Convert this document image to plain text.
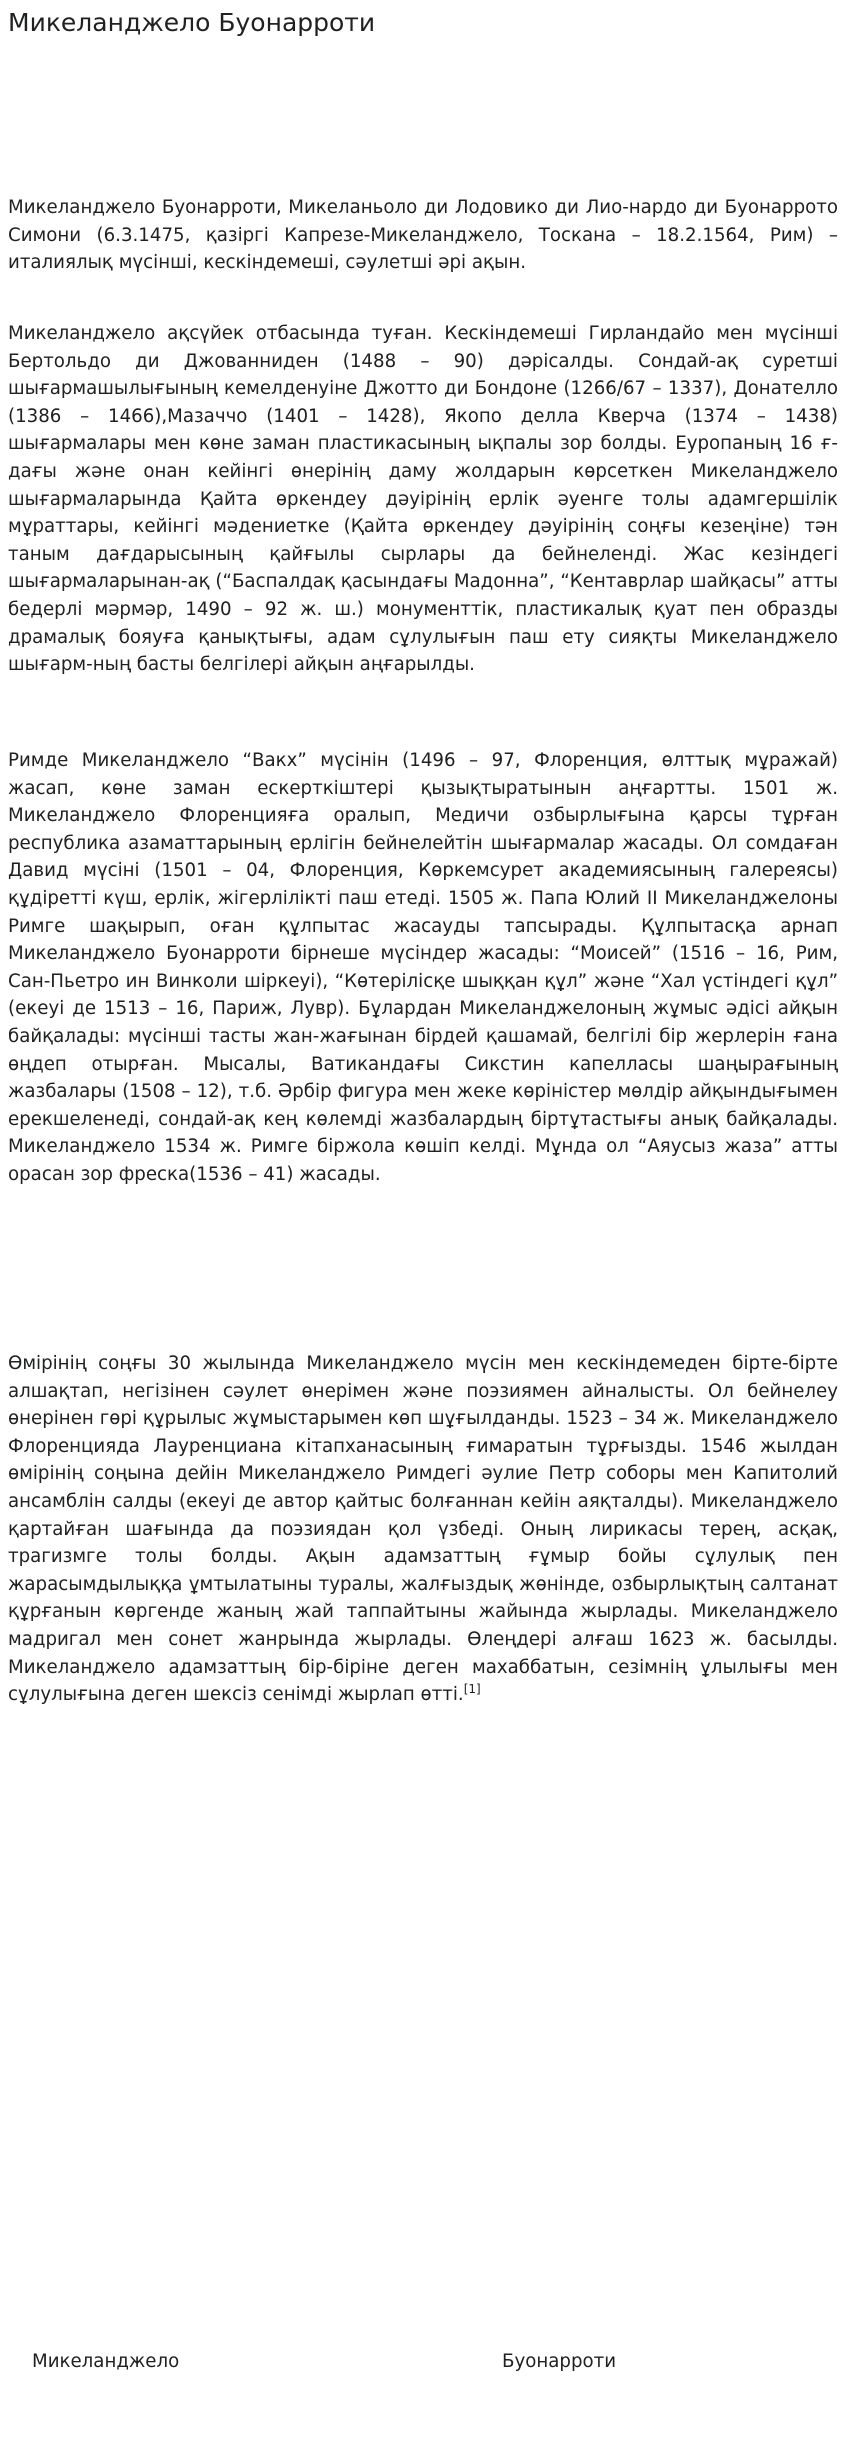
Микеланджело Буонарроти

Микеланджело Буонарроти, Микеланьоло ди Лодовико ди Лио-нардо ди Буонаррото Симони (6.3.1475, қазіргі Капрезе-Микеланджело, Тоскана – 18.2.1564, Рим) – италиялық мүсінші, кескіндемеші, сәулетші әрі ақын.

Микеланджело ақсүйек отбасында туған. Кескіндемеші Гирландайо мен мүсінші Бертольдо ди Джованниден (1488 – 90) дәрісалды. Сондай-ақ суретші шығармашылығының кемелденуіне Джотто ди Бондоне (1266/67 – 1337), Донателло (1386 – 1466),Мазаччо (1401 – 1428), Якопо делла Кверча (1374 – 1438) шығармалары мен көне заман пластикасының ықпалы зор болды. Еуропаның 16 ғ-дағы және онан кейінгі өнерінің даму жолдарын көрсеткен Микеланджело шығармаларында Қайта өркендеу дәуірінің ерлік әуенге толы адамгершілік мұраттары, кейінгі мәдениетке (Қайта өркендеу дәуірінің соңғы кезеңіне) тән таным дағдарысының қайғылы сырлары да бейнеленді. Жас кезіндегі шығармаларынан-ақ (“Баспалдақ қасындағы Мадонна”, “Кентаврлар шайқасы” атты бедерлі мәрмәр, 1490 – 92 ж. ш.) монументтік, пластикалық қуат пен образды драмалық бояуға қанықтығы, адам сұлулығын паш ету сияқты Микеланджело шығарм-ның басты белгілері айқын аңғарылды.

Римде Микеланджело “Вакх” мүсінін (1496 – 97, Флоренция, өлттық мұражай) жасап, көне заман ескерткіштері қызықтыратынын аңғартты. 1501 ж. Микеланджело Флоренцияға оралып, Медичи озбырлығына қарсы тұрған республика азаматтарының ерлігін бейнелейтін шығармалар жасады. Ол сомдаған Давид мүсіні (1501 – 04, Флоренция, Көркемсурет академиясының галереясы) құдіретті күш, ерлік, жігерлілікті паш етеді. 1505 ж. Папа Юлий II Микеланджелоны Римге шақырып, оған құлпытас жасауды тапсырады. Құлпытасқа арнап Микеланджело Буонарроти бірнеше мүсіндер жасады: “Моисей” (1516 – 16, Рим, Сан-Пьетро ин Винколи шіркеуі), “Көтерілісқе шыққан құл” және “Хал үстіндегі құл” (екеуі де 1513 – 16, Париж, Лувр). Бұлардан Микеланджелоның жұмыс әдісі айқын байқалады: мүсінші тасты жан-жағынан бірдей қашамай, белгілі бір жерлерін ғана өңдеп отырған. Мысалы, Ватикандағы Сикстин капелласы шаңырағының жазбалары (1508 – 12), т.б. Әрбір фигура мен жеке көріністер мөлдір айқындығымен ерекшеленеді, сондай-ақ кең көлемді жазбалардың біртұтастығы анық байқалады. Микеланджело 1534 ж. Римге біржола көшіп келді. Мұнда ол “Аяусыз жаза” атты орасан зор фреска(1536 – 41) жасады.

Өмірінің соңғы 30 жылында Микеланджело мүсін мен кескіндемеден бірте-бірте алшақтап, негізінен сәулет өнерімен және поэзиямен айналысты. Ол бейнелеу өнерінен гөрі құрылыс жұмыстарымен көп шұғылданды. 1523 – 34 ж. Микеланджело Флоренцияда Лауренциана кітапханасының ғимаратын тұрғызды. 1546 жылдан өмірінің соңына дейін Микеланджело Римдегі әулие Петр соборы мен Капитолий ансамблін салды (екеуі де автор қайтыс болғаннан кейін аяқталды). Микеланджело қартайған шағында да поэзиядан қол үзбеді. Оның лирикасы терең, асқақ, трагизмге толы болды. Ақын адамзаттың ғұмыр бойы сұлулық пен жарасымдылыққа ұмтылатыны туралы, жалғыздық жөнінде, озбырлықтың салтанат құрғанын көргенде жаның жай таппайтыны жайында жырлады. Микеланджело мадригал мен сонет жанрында жырлады. Өлеңдері алғаш 1623 ж. басылды. Микеланджело адамзаттың бір-біріне деген махаббатын, сезімнің ұлылығы мен сұлулығына деген шексіз сенімді жырлап өтті.[1]

Микеланджело	Буонарроти
